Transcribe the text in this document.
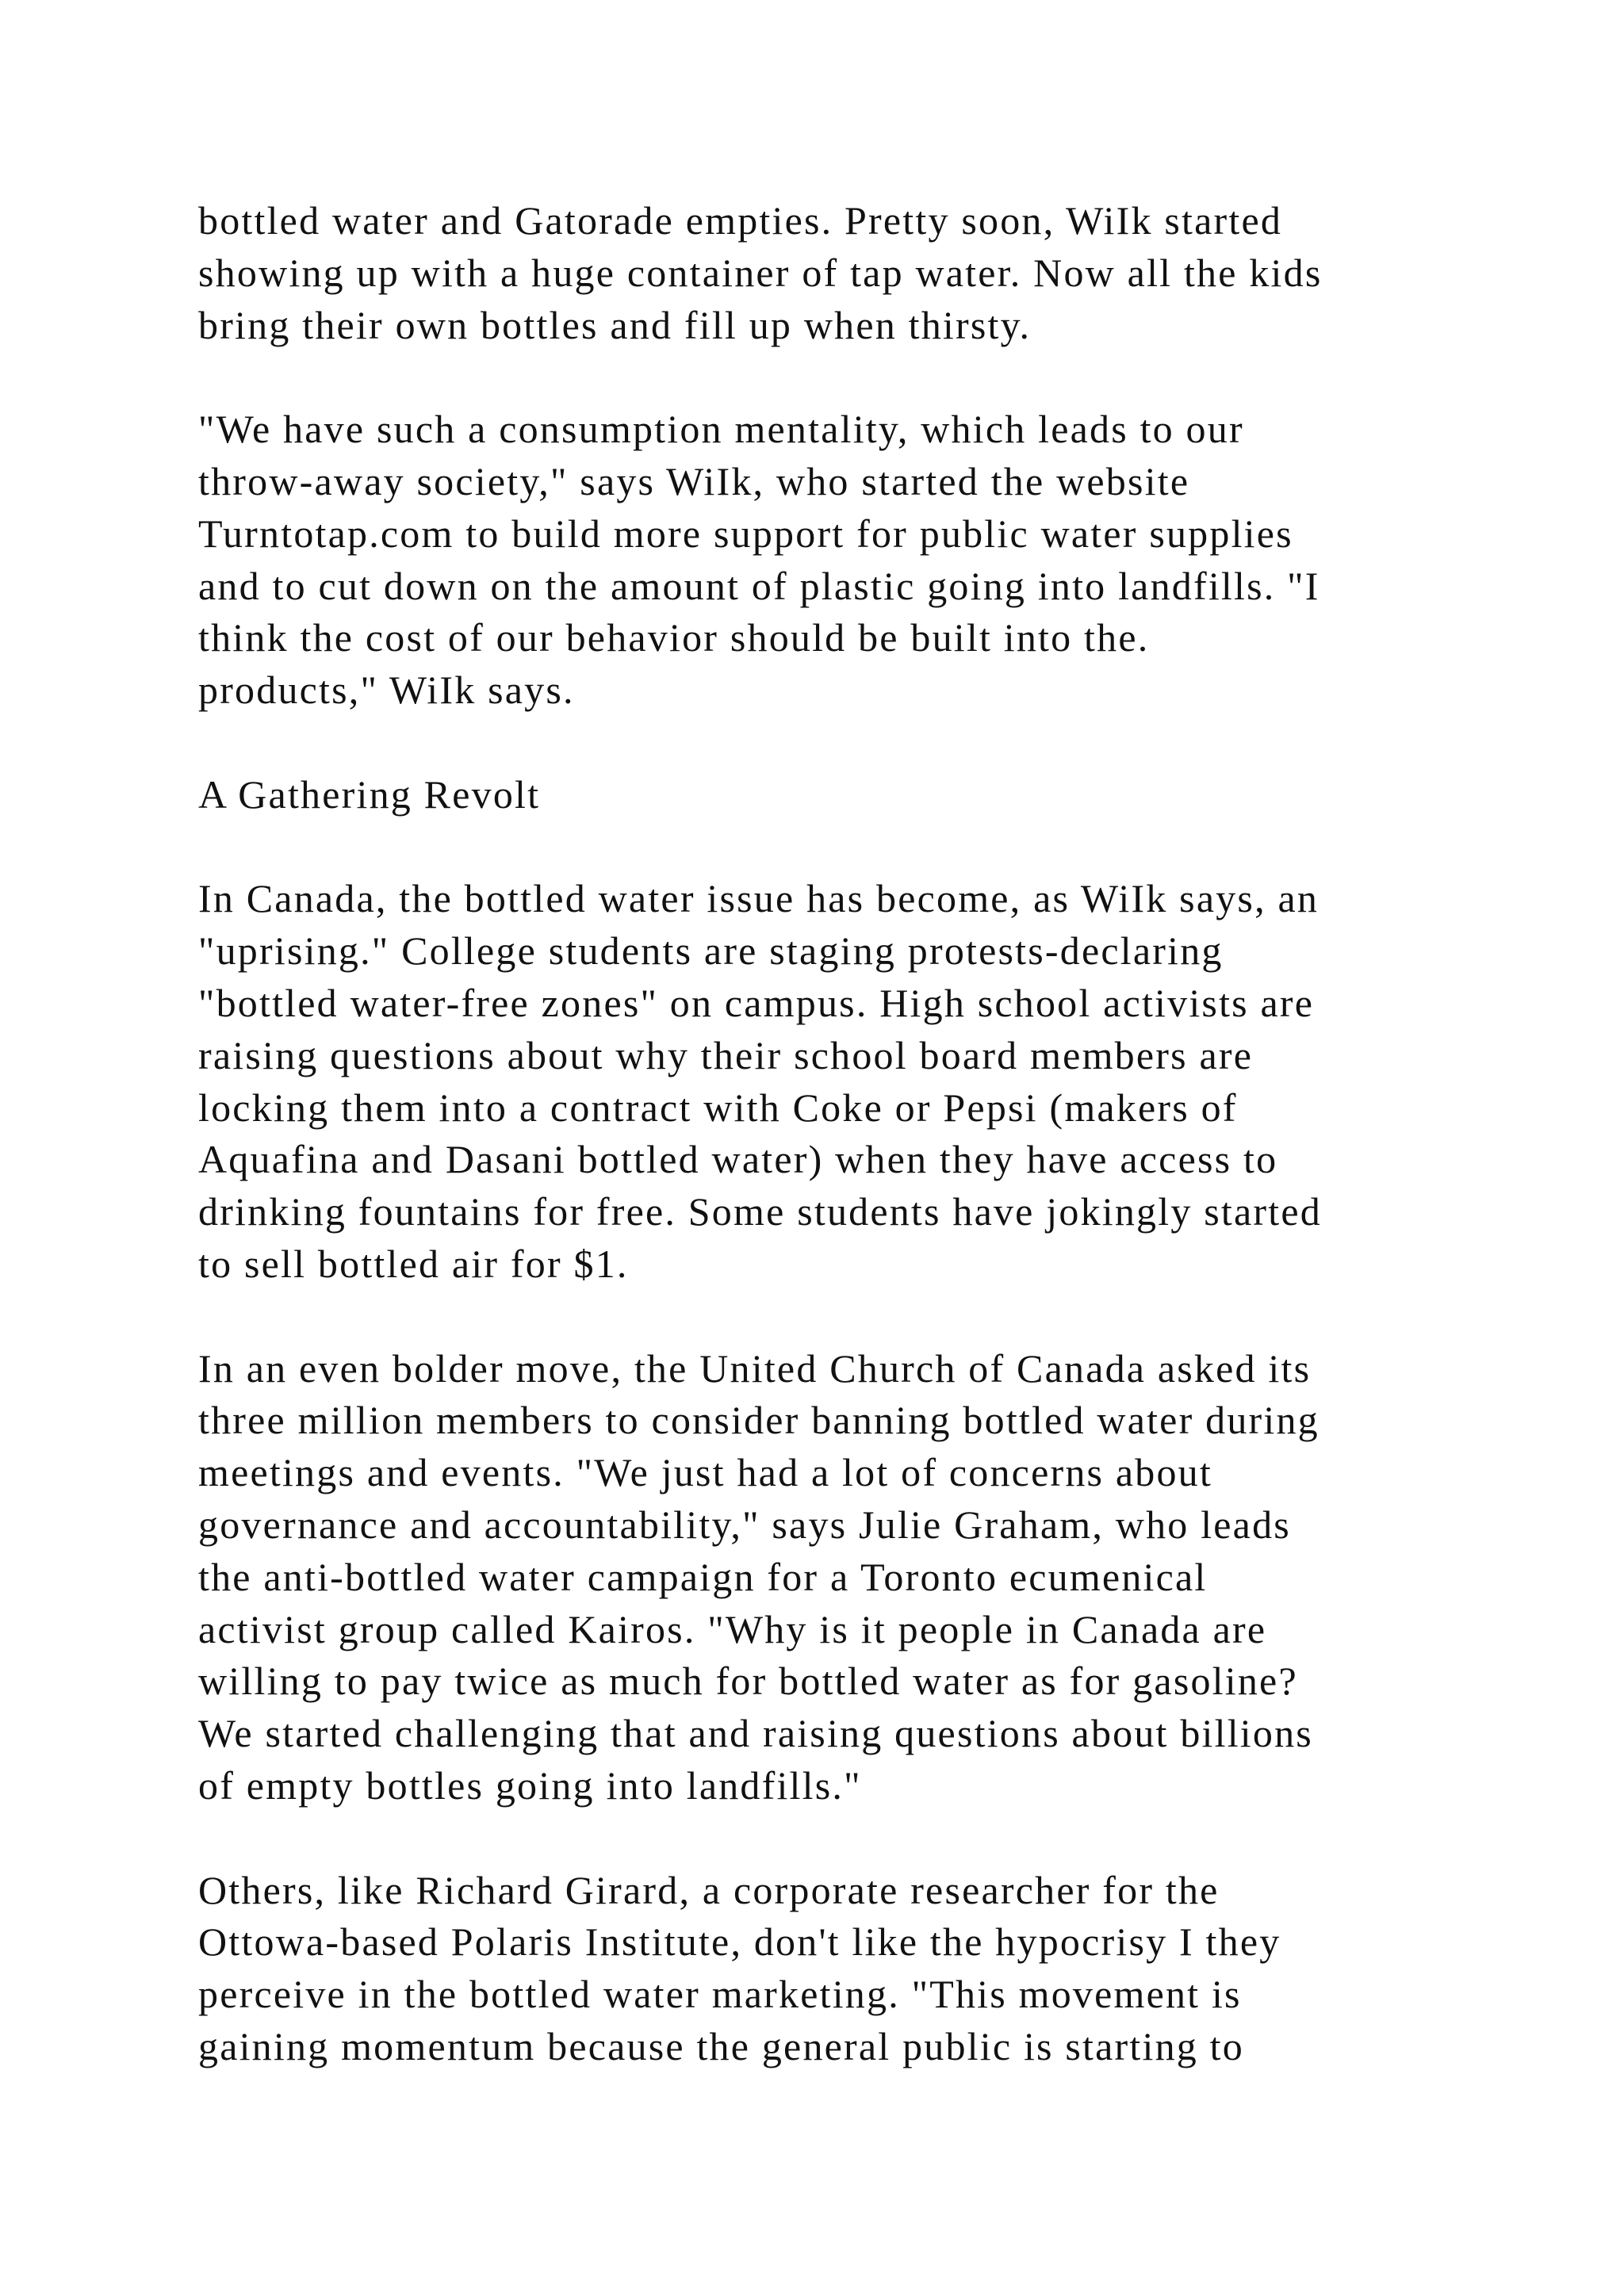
bottled water and Gatorade empties. Pretty soon, WiIk started
showing up with a huge container of tap water. Now all the kids
bring their own bottles and fill up when thirsty.

"We have such a consumption mentality, which leads to our
throw-away society," says WiIk, who started the website
Turntotap.com to build more support for public water supplies
and to cut down on the amount of plastic going into landfills. "I
think the cost of our behavior should be built into the.
products," WiIk says.

A Gathering Revolt

In Canada, the bottled water issue has become, as WiIk says, an
"uprising." College students are staging protests-declaring
"bottled water-free zones" on campus. High school activists are
raising questions about why their school board members are
locking them into a contract with Coke or Pepsi (makers of
Aquafina and Dasani bottled water) when they have access to
drinking fountains for free. Some students have jokingly started
to sell bottled air for $1.

In an even bolder move, the United Church of Canada asked its
three million members to consider banning bottled water during
meetings and events. "We just had a lot of concerns about
governance and accountability," says Julie Graham, who leads
the anti-bottled water campaign for a Toronto ecumenical
activist group called Kairos. "Why is it people in Canada are
willing to pay twice as much for bottled water as for gasoline?
We started challenging that and raising questions about billions
of empty bottles going into landfills."

Others, like Richard Girard, a corporate researcher for the
Ottowa-based Polaris Institute, don't like the hypocrisy I they
perceive in the bottled water marketing. "This movement is
gaining momentum because the general public is starting to
